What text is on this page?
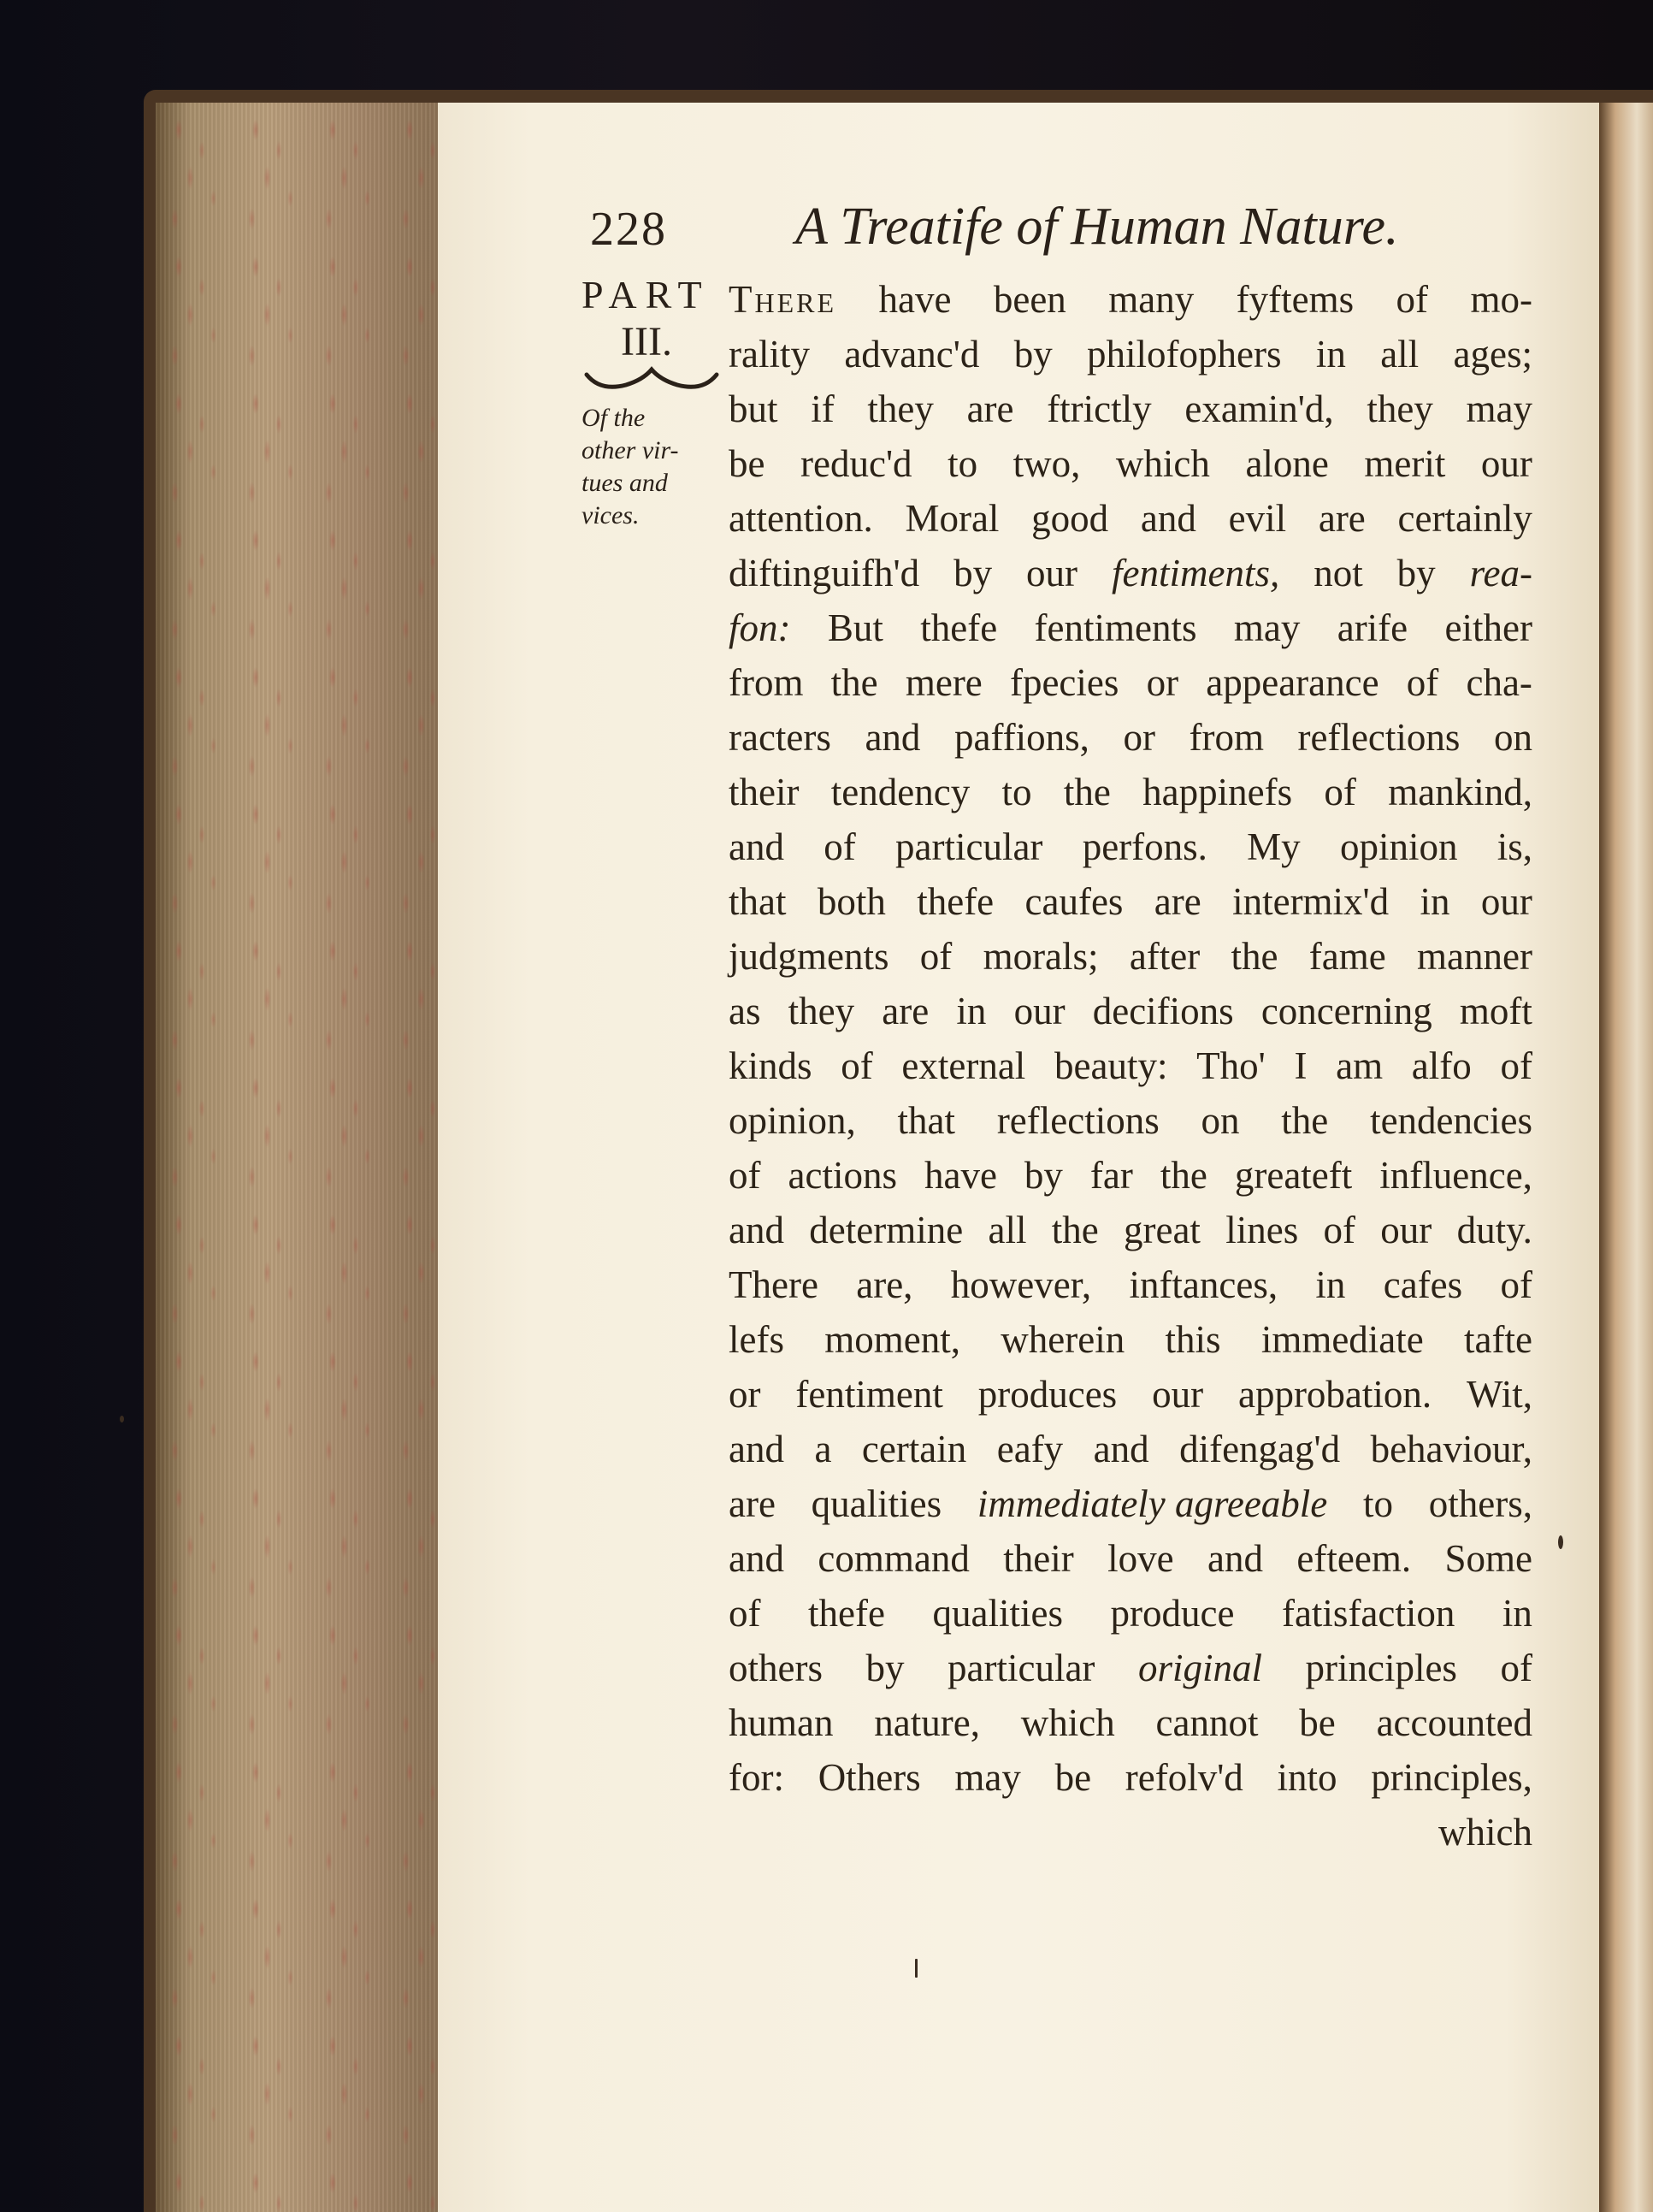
228 A Treatife of Human Nature.
PART
III.
Of the
other vir-
tues and
vices.
There have been many fyftems of mo-
rality advanc'd by philofophers in all ages;
but if they are ftrictly examin'd, they may
be reduc'd to two, which alone merit our
attention. Moral good and evil are certainly
diftinguifh'd by our fentiments, not by rea-
fon: But thefe fentiments may arife either
from the mere fpecies or appearance of cha-
racters and paffions, or from reflections on
their tendency to the happinefs of mankind,
and of particular perfons. My opinion is,
that both thefe caufes are intermix'd in our
judgments of morals; after the fame manner
as they are in our decifions concerning moft
kinds of external beauty: Tho' I am alfo of
opinion, that reflections on the tendencies
of actions have by far the greateft influence,
and determine all the great lines of our duty.
There are, however, inftances, in cafes of
lefs moment, wherein this immediate tafte
or fentiment produces our approbation. Wit,
and a certain eafy and difengag'd behaviour,
are qualities immediately agreeable to others,
and command their love and efteem. Some
of thefe qualities produce fatisfaction in
others by particular original principles of
human nature, which cannot be accounted
for: Others may be refolv'd into principles,
which
